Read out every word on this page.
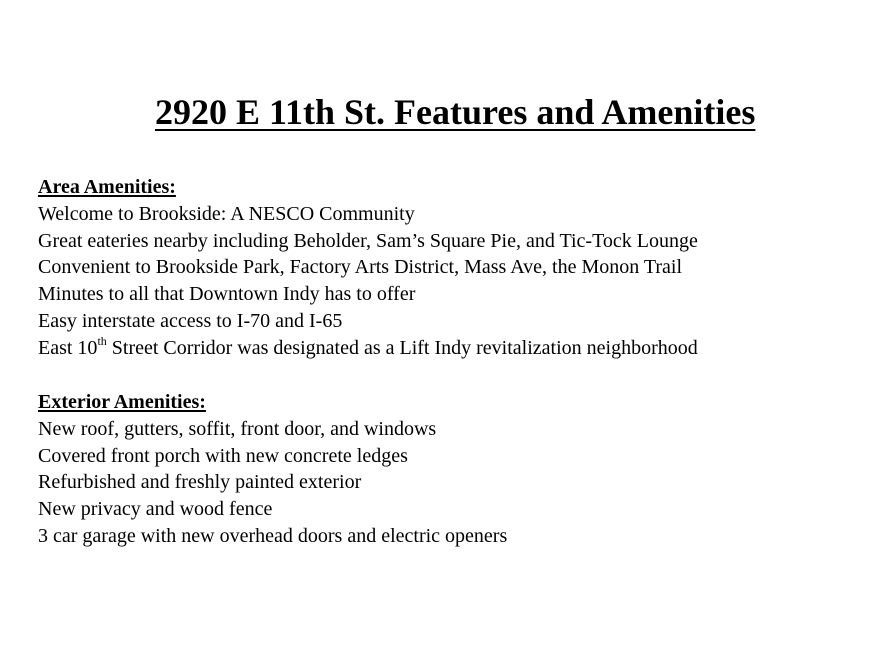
2920 E 11th St. Features and Amenities
Area Amenities:
Welcome to Brookside: A NESCO Community
Great eateries nearby including Beholder, Sam’s Square Pie, and Tic-Tock Lounge
Convenient to Brookside Park, Factory Arts District, Mass Ave, the Monon Trail
Minutes to all that Downtown Indy has to offer
Easy interstate access to I-70 and I-65
East 10th Street Corridor was designated as a Lift Indy revitalization neighborhood
Exterior Amenities:
New roof, gutters, soffit, front door, and windows
Covered front porch with new concrete ledges
Refurbished and freshly painted exterior
New privacy and wood fence
3 car garage with new overhead doors and electric openers
